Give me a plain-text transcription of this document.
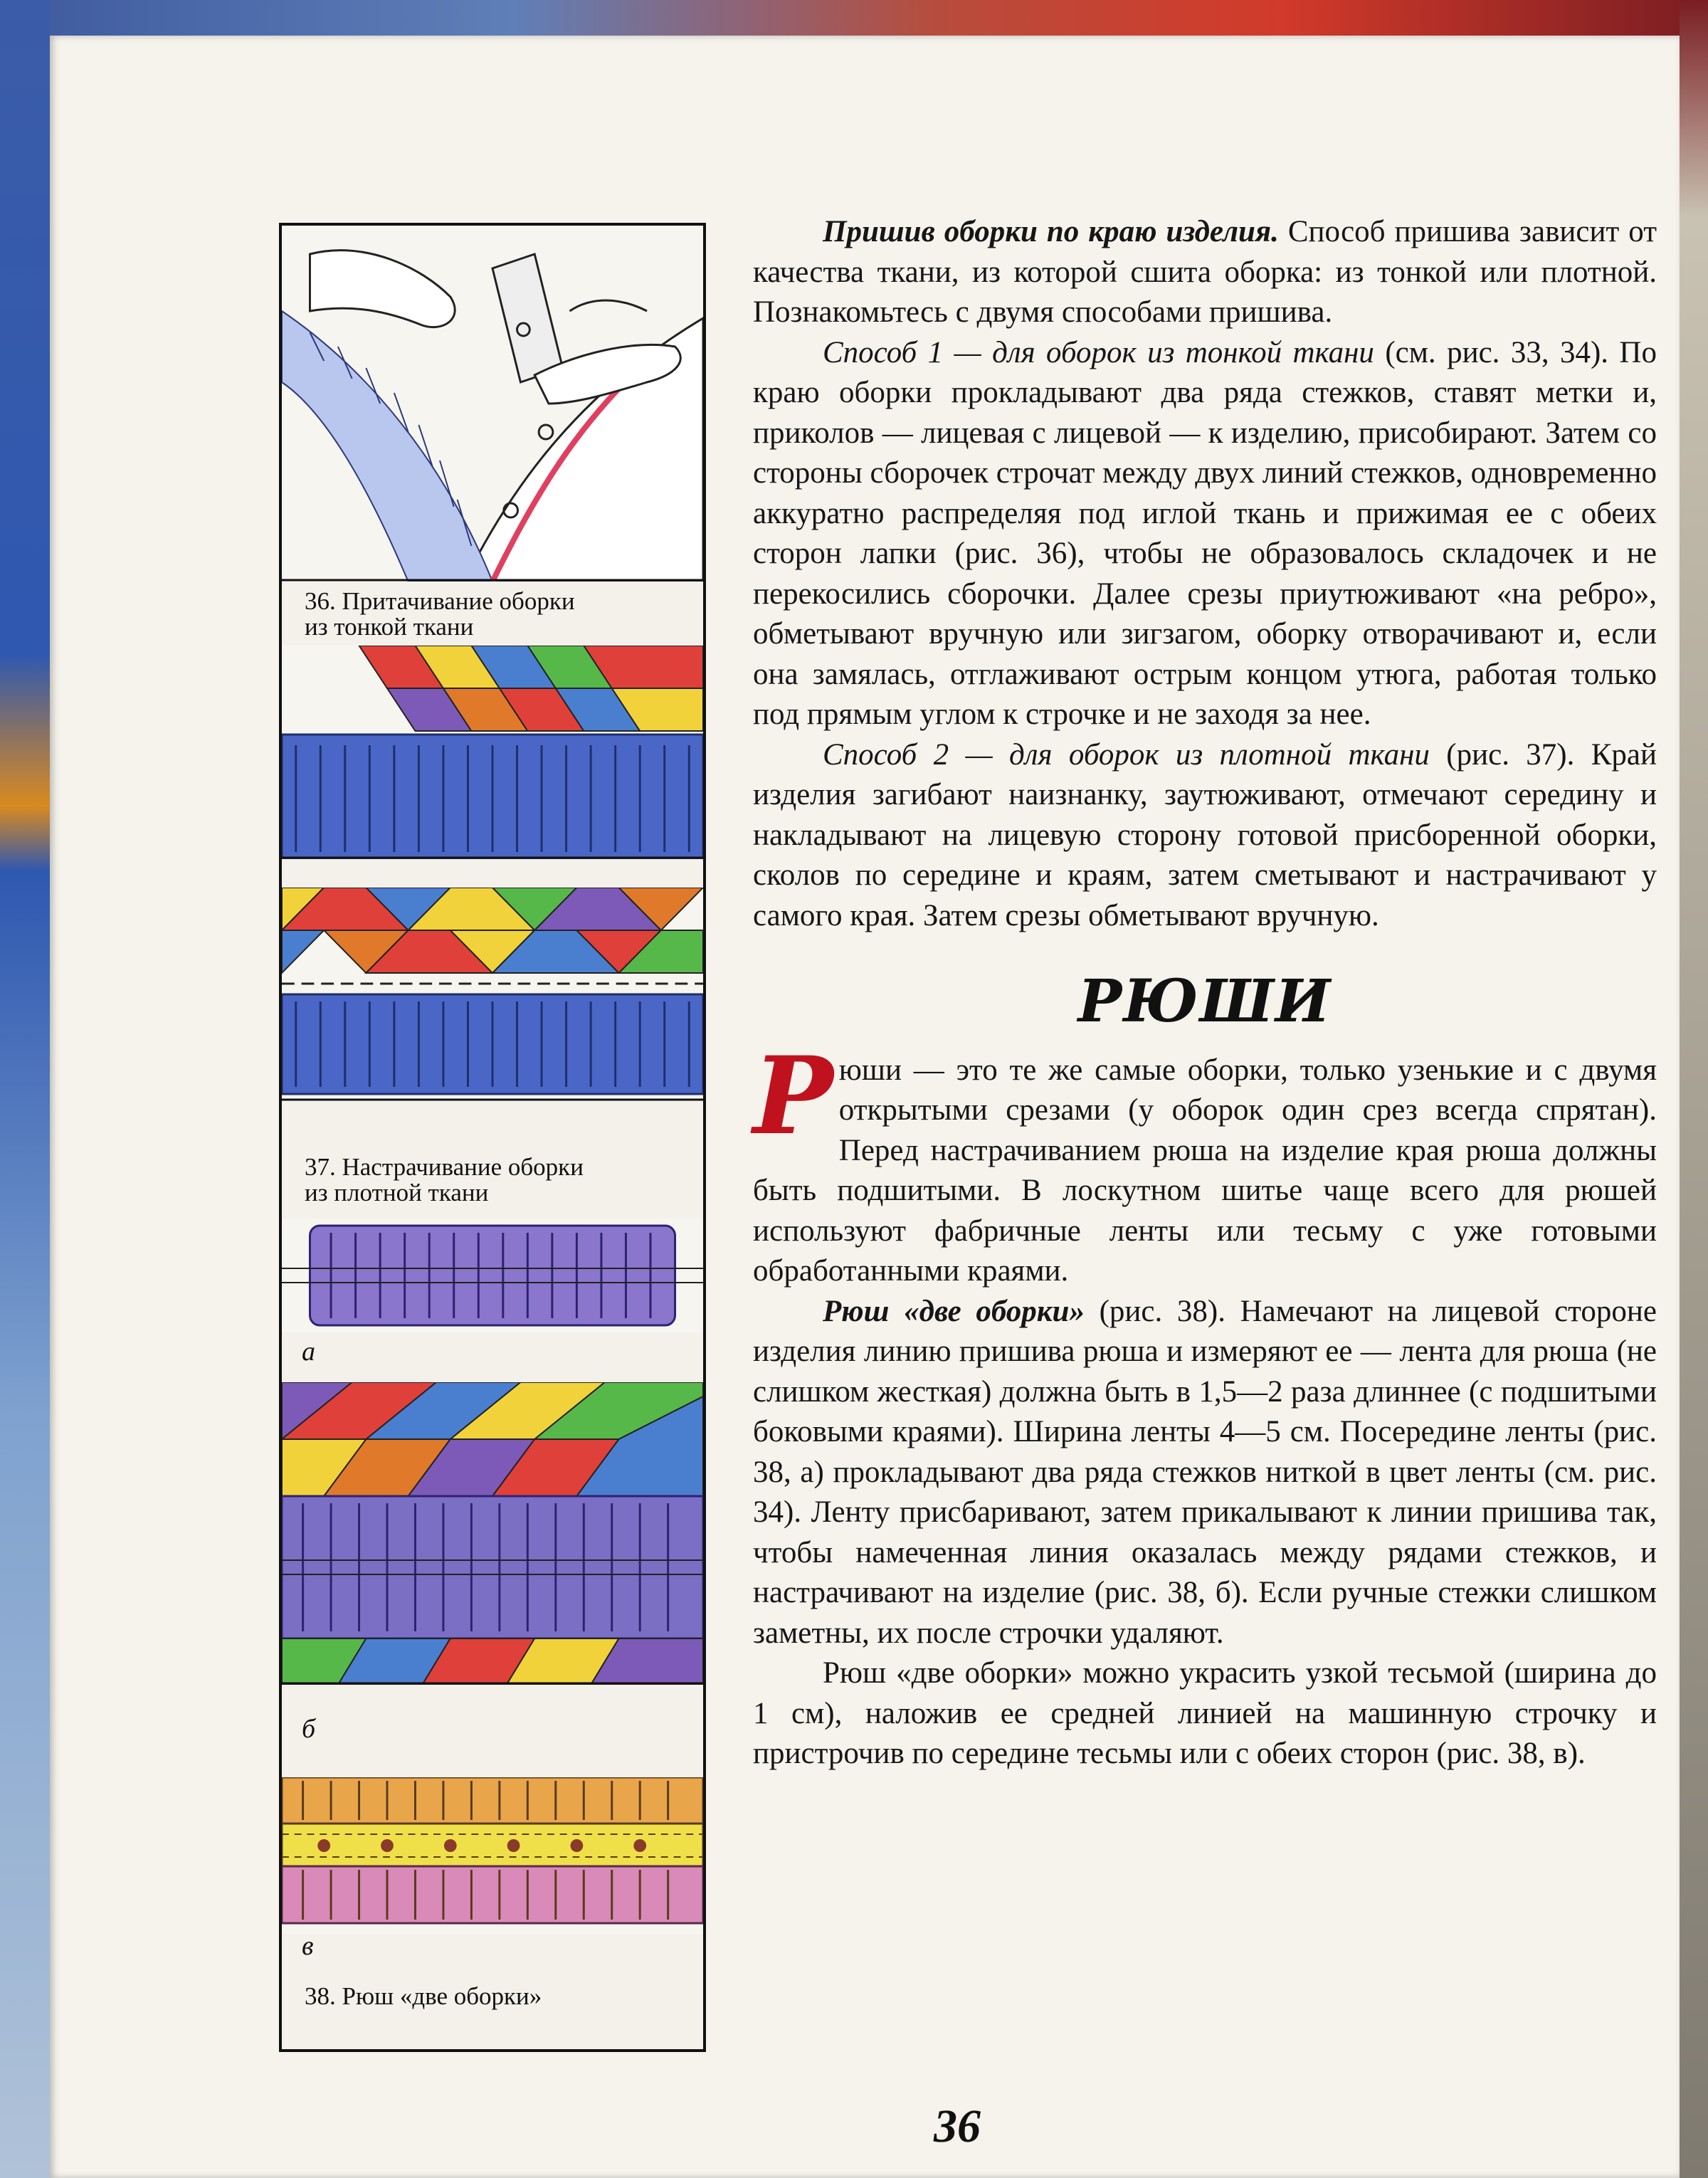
36. Притачивание оборки
из тонкой ткани
37. Настрачивание оборки
из плотной ткани
а
б
в
38. Рюш «две оборки»

Пришив оборки по краю изделия. Способ пришива зависит от качества ткани, из которой сшита оборка: из тонкой или плотной. Познакомьтесь с двумя способами пришива.

Способ 1 — для оборок из тонкой ткани (см. рис. 33, 34). По краю оборки прокладывают два ряда стежков, ставят метки и, приколов — лицевая с лицевой — к изделию, присобирают. Затем со стороны сборочек строчат между двух линий стежков, одновременно аккуратно распределяя под иглой ткань и прижимая ее с обеих сторон лапки (рис. 36), чтобы не образовалось складочек и не перекосились сборочки. Далее срезы приутюживают «на ребро», обметывают вручную или зигзагом, оборку отворачивают и, если она замялась, отглаживают острым концом утюга, работая только под прямым углом к строчке и не заходя за нее.

Способ 2 — для оборок из плотной ткани (рис. 37). Край изделия загибают наизнанку, заутюживают, отмечают середину и накладывают на лицевую сторону готовой присборенной оборки, сколов по середине и краям, затем сметывают и настрачивают у самого края. Затем срезы обметывают вручную.

РЮШИ

Рюши — это те же самые оборки, только узенькие и с двумя открытыми срезами (у оборок один срез всегда спрятан). Перед настрачиванием рюша на изделие края рюша должны быть подшитыми. В лоскутном шитье чаще всего для рюшей используют фабричные ленты или тесьму с уже готовыми обработанными краями.

Рюш «две оборки» (рис. 38). Намечают на лицевой стороне изделия линию пришива рюша и измеряют ее — лента для рюша (не слишком жесткая) должна быть в 1,5—2 раза длиннее (с подшитыми боковыми краями). Ширина ленты 4—5 см. Посередине ленты (рис. 38, а) прокладывают два ряда стежков ниткой в цвет ленты (см. рис. 34). Ленту присбаривают, затем прикалывают к линии пришива так, чтобы намеченная линия оказалась между рядами стежков, и настрачивают на изделие (рис. 38, б). Если ручные стежки слишком заметны, их после строчки удаляют.

Рюш «две оборки» можно украсить узкой тесьмой (ширина до 1 см), наложив ее средней линией на машинную строчку и пристрочив по середине тесьмы или с обеих сторон (рис. 38, в).

36
